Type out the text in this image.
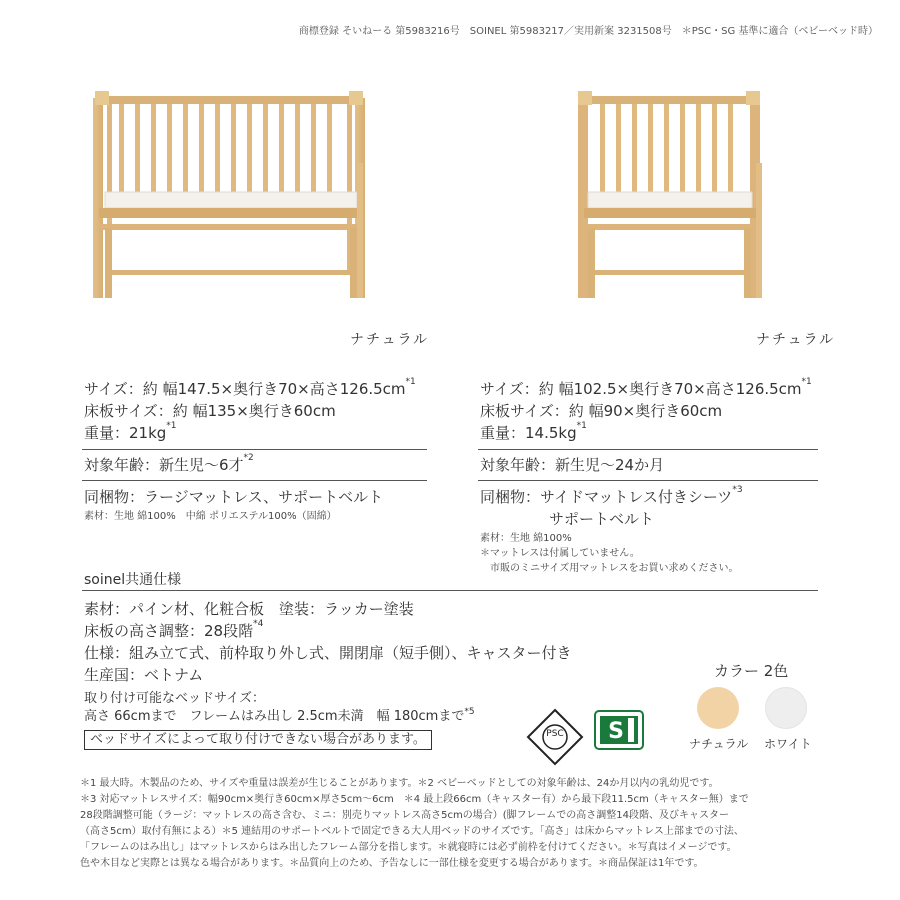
商標登録 そいねーる 第5983216号　SOINEL 第5983217／実用新案 3231508号　＊PSC・SG 基準に適合（ベビーベッド時）
ナチュラル	ナチュラル
サイズ：約 幅147.5×奥行き70×高さ$126.5cm^{*1}$
床板サイズ：約 幅135×奥行き60cm
重量：$21kg^{*1}$
対象年齢：新生児〜6才$^{*2}$
同梱物：ラージマットレス、サポートベルト
素材：生地 綿100%　中綿 ポリエステル100%（固綿）
サイズ：約 幅102.5×奥行き70×高さ$126.5cm^{*1}$
床板サイズ：約 幅90×奥行き60cm
重量：$14.5kg^{*1}$
対象年齢：新生児〜24か月
同梱物：サイドマットレス付きシーツ$^{*3}$
サポートベルト
素材：生地 綿100%
＊マットレスは付属していません。
市販のミニサイズ用マットレスをお買い求めください。
soinel共通仕様
素材：パイン材、化粧合板　塗装：ラッカー塗装
床板の高さ調整：28段階$^{*4}$
仕様：組み立て式、前枠取り外し式、開閉扉（短手側）、キャスター付き
生産国：ベトナム
取り付け可能なベッドサイズ：
高さ 66cmまで　フレームはみ出し 2.5cm未満　幅 180cmまで$^{*5}$
ベッドサイズによって取り付けできない場合があります。	PSC S
カラー 2色
ナチュラル ホワイト
＊1 最大時。木製品のため、サイズや重量は誤差が生じることがあります。＊2 ベビーベッドとしての対象年齢は、24か月以内の乳幼児です。
＊3 対応マットレスサイズ：幅90cm×奥行き60cm×厚さ5cm〜6cm　＊4 最上段66cm（キャスター有）から最下段11.5cm（キャスター無）まで
28段階調整可能（ラージ：マットレスの高さ含む、ミニ：別売りマットレス高さ5cmの場合）(脚フレームでの高さ調整14段階、及びキャスター
（高さ5cm）取付有無による）＊5 連結用のサポートベルトで固定できる大人用ベッドのサイズです。「高さ」は床からマットレス上部までの寸法、
「フレームのはみ出し」はマットレスからはみ出したフレーム部分を指します。＊就寝時には必ず前枠を付けてください。＊写真はイメージです。
色や木目など実際とは異なる場合があります。＊品質向上のため、予告なしに一部仕様を変更する場合があります。＊商品保証は1年です。
